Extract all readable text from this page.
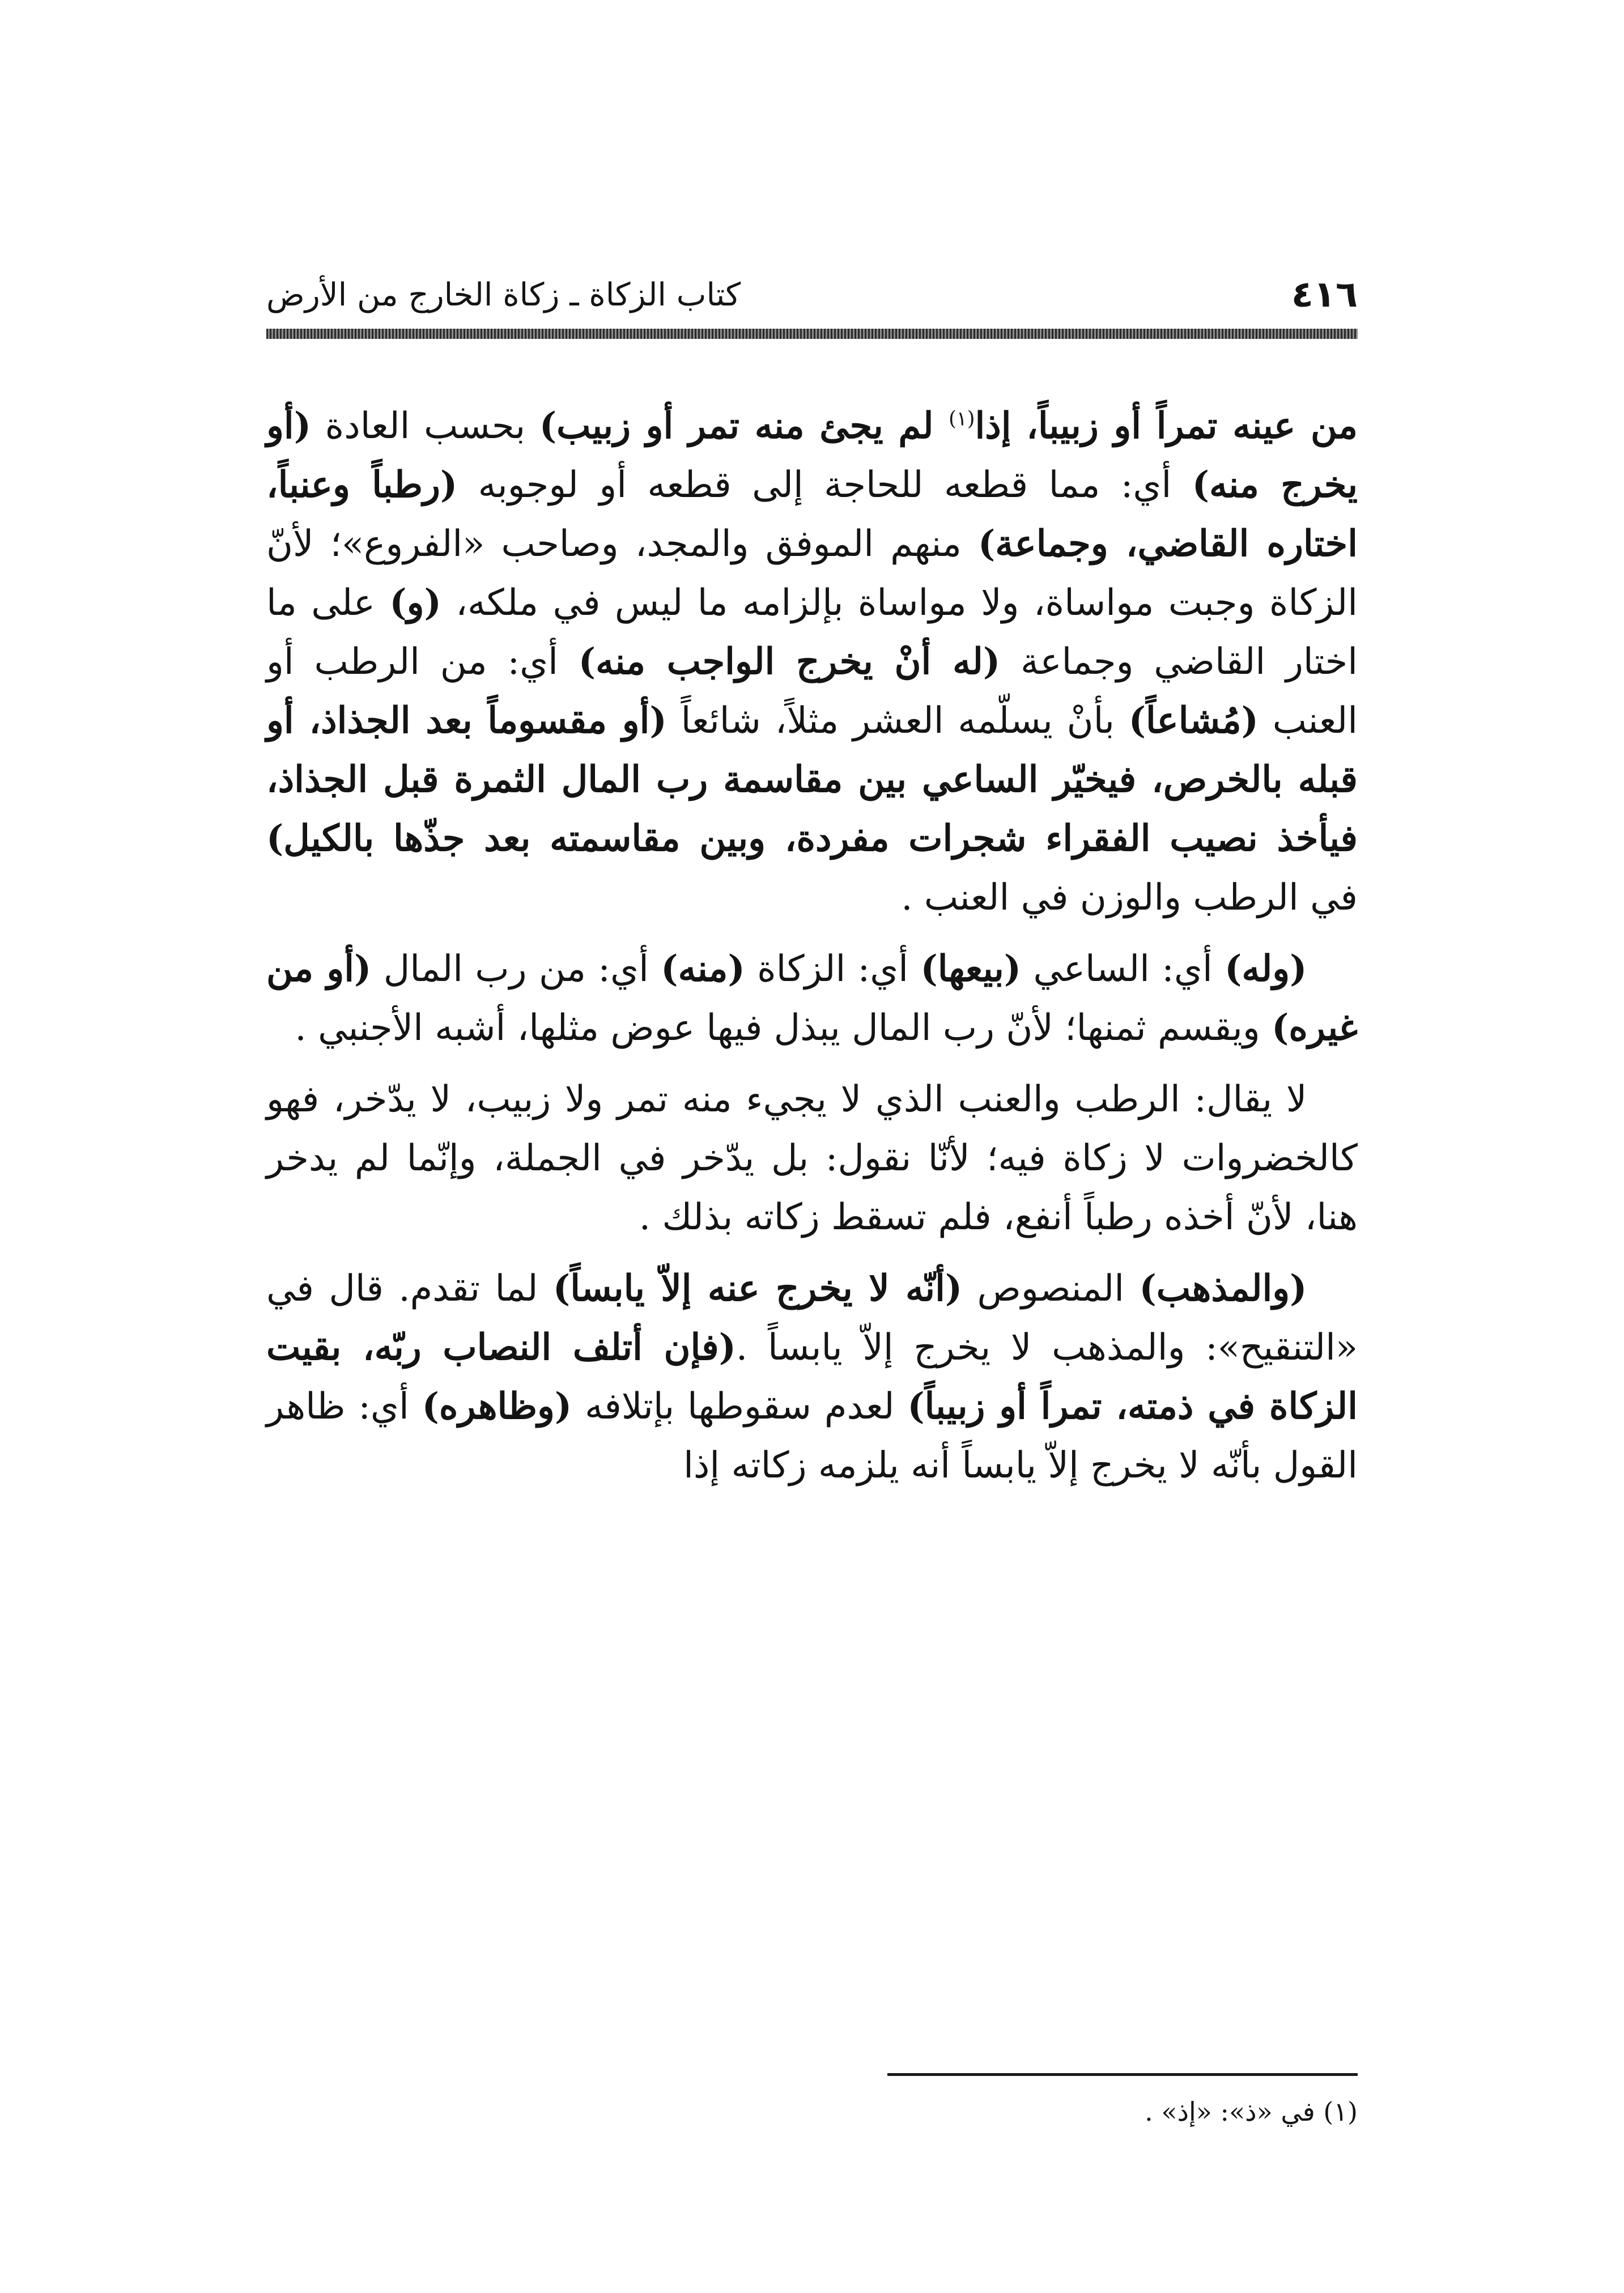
٤١٦
كتاب الزكاة ـ زكاة الخارج من الأرض

من عينه تمراً أو زبيباً، إذا$^{(١)}$ لم يجئ منه تمر أو زبيب) بحسب العادة (أو يخرج منه) أي: مما قطعه للحاجة إلى قطعه أو لوجوبه (رطباً وعنباً، اختاره القاضي، وجماعة) منهم الموفق والمجد، وصاحب «الفروع»؛ لأنّ الزكاة وجبت مواساة، ولا مواساة بإلزامه ما ليس في ملكه، (و) على ما اختار القاضي وجماعة (له أنْ يخرج الواجب منه) أي: من الرطب أو العنب (مُشاعاً) بأنْ يسلّمه العشر مثلاً، شائعاً (أو مقسوماً بعد الجذاذ، أو قبله بالخرص، فيخيّر الساعي بين مقاسمة رب المال الثمرة قبل الجذاذ، فيأخذ نصيب الفقراء شجرات مفردة، وبين مقاسمته بعد جذّها بالكيل) في الرطب والوزن في العنب .

(وله) أي: الساعي (بيعها) أي: الزكاة (منه) أي: من رب المال (أو من غيره) ويقسم ثمنها؛ لأنّ رب المال يبذل فيها عوض مثلها، أشبه الأجنبي .

لا يقال: الرطب والعنب الذي لا يجيء منه تمر ولا زبيب، لا يدّخر، فهو كالخضروات لا زكاة فيه؛ لأنّا نقول: بل يدّخر في الجملة، وإنّما لم يدخر هنا، لأنّ أخذه رطباً أنفع، فلم تسقط زكاته بذلك .

(والمذهب) المنصوص (أنّه لا يخرج عنه إلاّ يابساً) لما تقدم. قال في «التنقيح»: والمذهب لا يخرج إلاّ يابساً .(فإن أتلف النصاب ربّه، بقيت الزكاة في ذمته، تمراً أو زبيباً) لعدم سقوطها بإتلافه (وظاهره) أي: ظاهر القول بأنّه لا يخرج إلاّ يابساً أنه يلزمه زكاته إذا

(١) في «ذ»: «إذ» .
